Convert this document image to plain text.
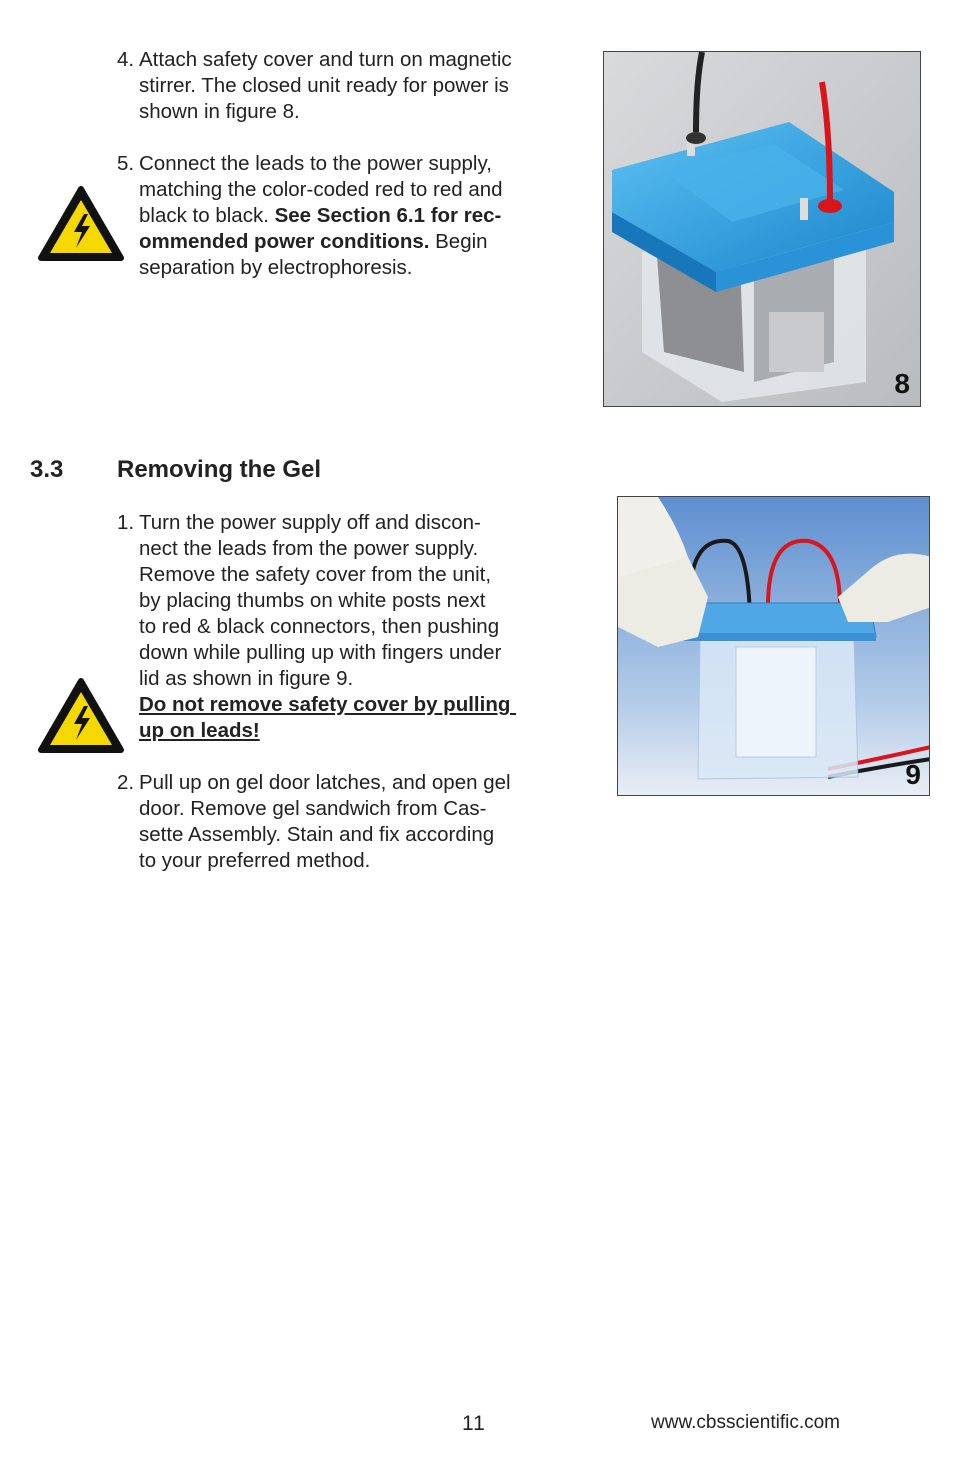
4. Attach safety cover and turn on magnetic
stirrer. The closed unit ready for power is
shown in figure 8.
5. Connect the leads to the power supply,
matching the color-coded red to red and
black to black. See Section 6.1 for rec-
ommended power conditions. Begin
separation by electrophoresis.
8
3.3 Removing the Gel
1. Turn the power supply off and discon-
nect the leads from the power supply.
Remove the safety cover from the unit,
by placing thumbs on white posts next
to red & black connectors, then pushing
down while pulling up with fingers under
lid as shown in figure 9.
Do not remove safety cover by pulling
up on leads!
2. Pull up on gel door latches, and open gel
door. Remove gel sandwich from Cas-
sette Assembly. Stain and fix according
to your preferred method.
9
11	www.cbsscientific.com
